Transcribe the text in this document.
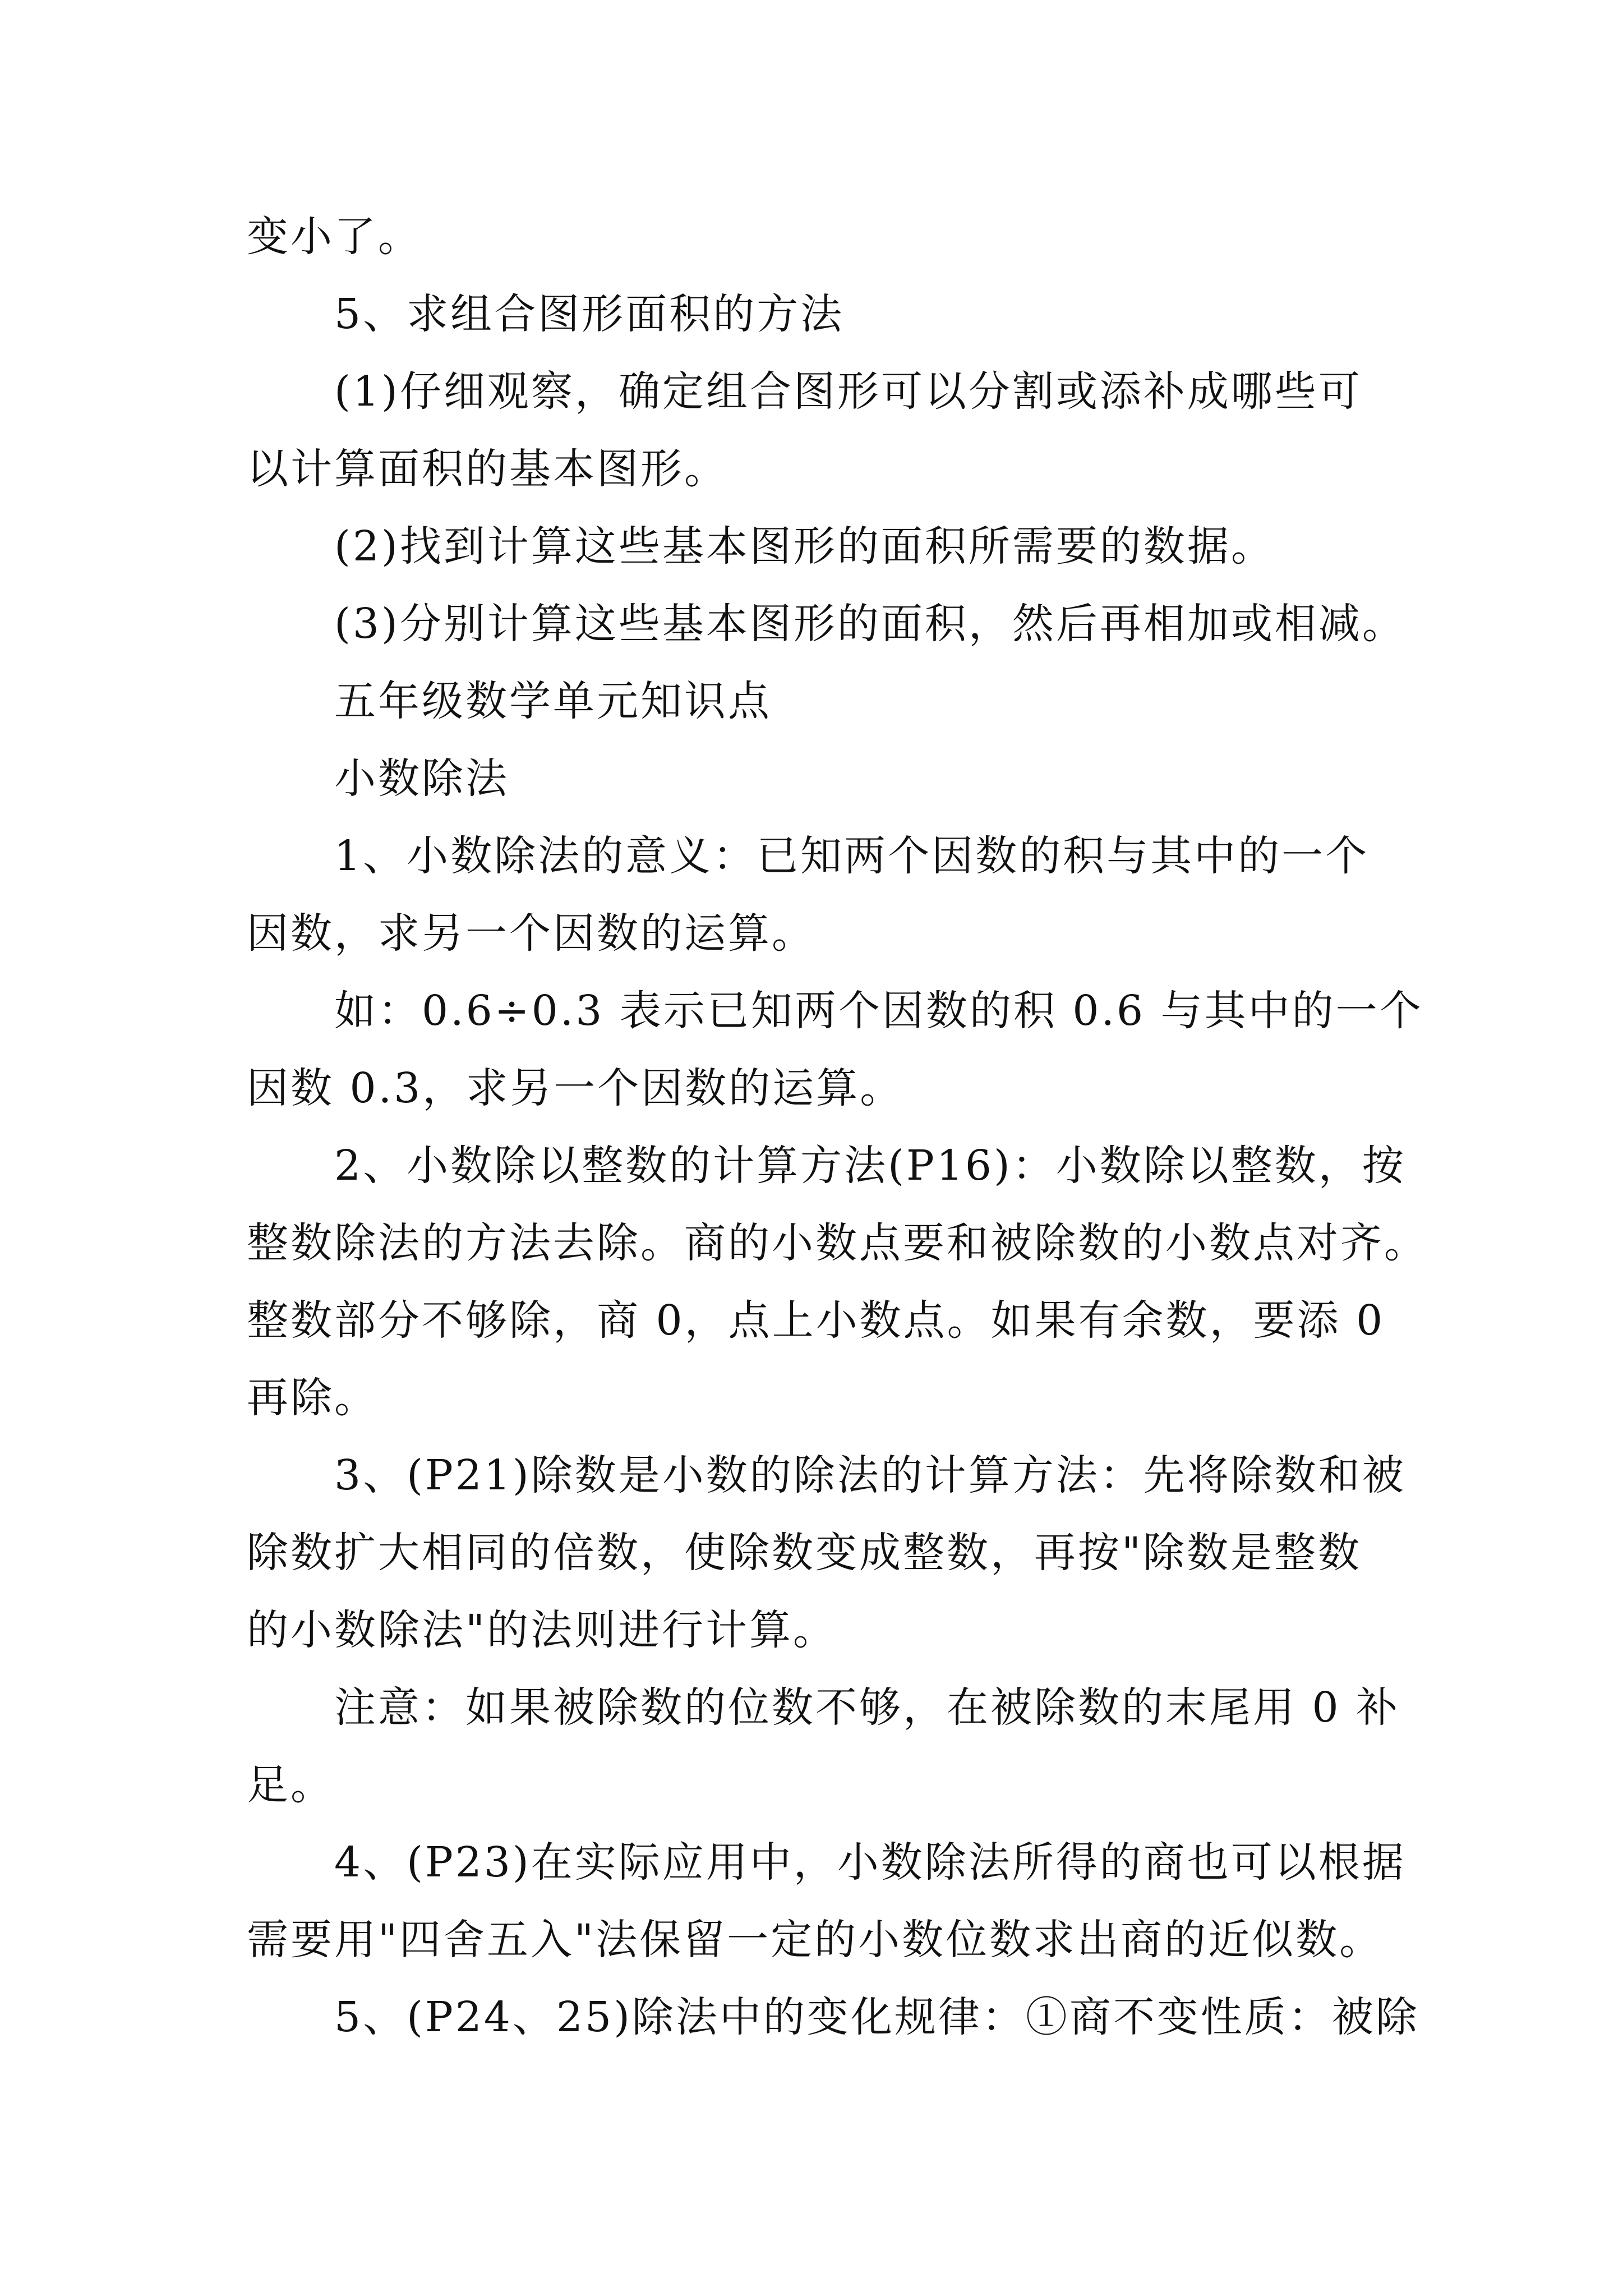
变小了。
5、求组合图形面积的方法
(1)仔细观察，确定组合图形可以分割或添补成哪些可
以计算面积的基本图形。
(2)找到计算这些基本图形的面积所需要的数据。
(3)分别计算这些基本图形的面积，然后再相加或相减。
五年级数学单元知识点
小数除法
1、小数除法的意义：已知两个因数的积与其中的一个
因数，求另一个因数的运算。
如：0.6÷0.3 表示已知两个因数的积 0.6 与其中的一个
因数 0.3，求另一个因数的运算。
2、小数除以整数的计算方法(P16)：小数除以整数，按
整数除法的方法去除。商的小数点要和被除数的小数点对齐。
整数部分不够除，商 0，点上小数点。如果有余数，要添 0
再除。
3、(P21)除数是小数的除法的计算方法：先将除数和被
除数扩大相同的倍数，使除数变成整数，再按"除数是整数
的小数除法"的法则进行计算。
注意：如果被除数的位数不够，在被除数的末尾用 0 补
足。
4、(P23)在实际应用中，小数除法所得的商也可以根据
需要用"四舍五入"法保留一定的小数位数求出商的近似数。
5、(P24、25)除法中的变化规律：①商不变性质：被除
